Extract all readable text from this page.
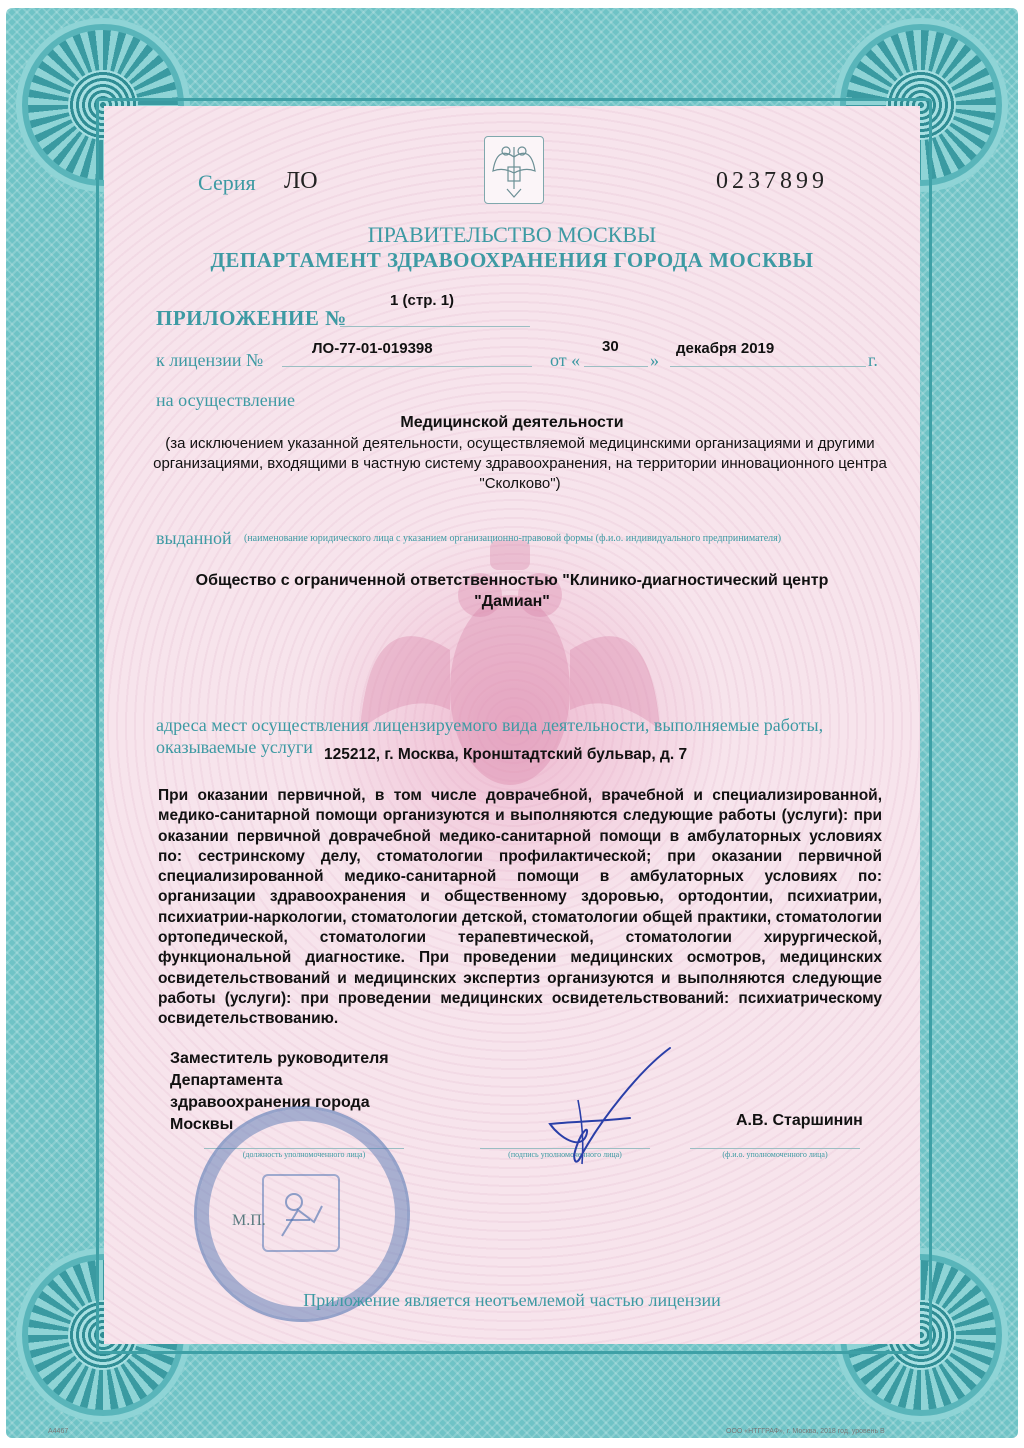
Серия ЛО	0237899
ПРАВИТЕЛЬСТВО МОСКВЫ
ДЕПАРТАМЕНТ ЗДРАВООХРАНЕНИЯ ГОРОДА МОСКВЫ
ПРИЛОЖЕНИЕ №
1 (стр. 1)
к лицензии №
ЛО-77-01-019398
от «
30
»
декабря 2019
г.
на осуществление
Медицинской деятельности
(за исключением указанной деятельности, осуществляемой медицинскими организациями и другими организациями, входящими в частную систему здравоохранения, на территории инновационного центра "Сколково")
выданной (наименование юридического лица с указанием организационно-правовой формы (ф.и.о. индивидуального предпринимателя)
Общество с ограниченной ответственностью "Клинико-диагностический центр "Дамиан"
адреса мест осуществления лицензируемого вида деятельности, выполняемые работы, оказываемые услуги 125212, г. Москва, Кронштадтский бульвар, д. 7
При оказании первичной, в том числе доврачебной, врачебной и специализированной, медико-санитарной помощи организуются и выполняются следующие работы (услуги): при оказании первичной доврачебной медико-санитарной помощи в амбулаторных условиях по: сестринскому делу, стоматологии профилактической; при оказании первичной специализированной медико-санитарной помощи в амбулаторных условиях по: организации здравоохранения и общественному здоровью, ортодонтии, психиатрии, психиатрии-наркологии, стоматологии детской, стоматологии общей практики, стоматологии ортопедической, стоматологии терапевтической, стоматологии хирургической, функциональной диагностике. При проведении медицинских осмотров, медицинских освидетельствований и медицинских экспертиз организуются и выполняются следующие работы (услуги): при проведении медицинских освидетельствований: психиатрическому освидетельствованию.
Заместитель руководителя
Департамента
здравоохранения города
Москвы	А.В. Старшинин
(должность уполномоченного лица)	(подпись уполномоченного лица)	(ф.и.о. уполномоченного лица)
М.П.
Приложение является неотъемлемой частью лицензии
А4467	ООО «НТГГРАФ», г. Москва, 2018 год, уровень В
